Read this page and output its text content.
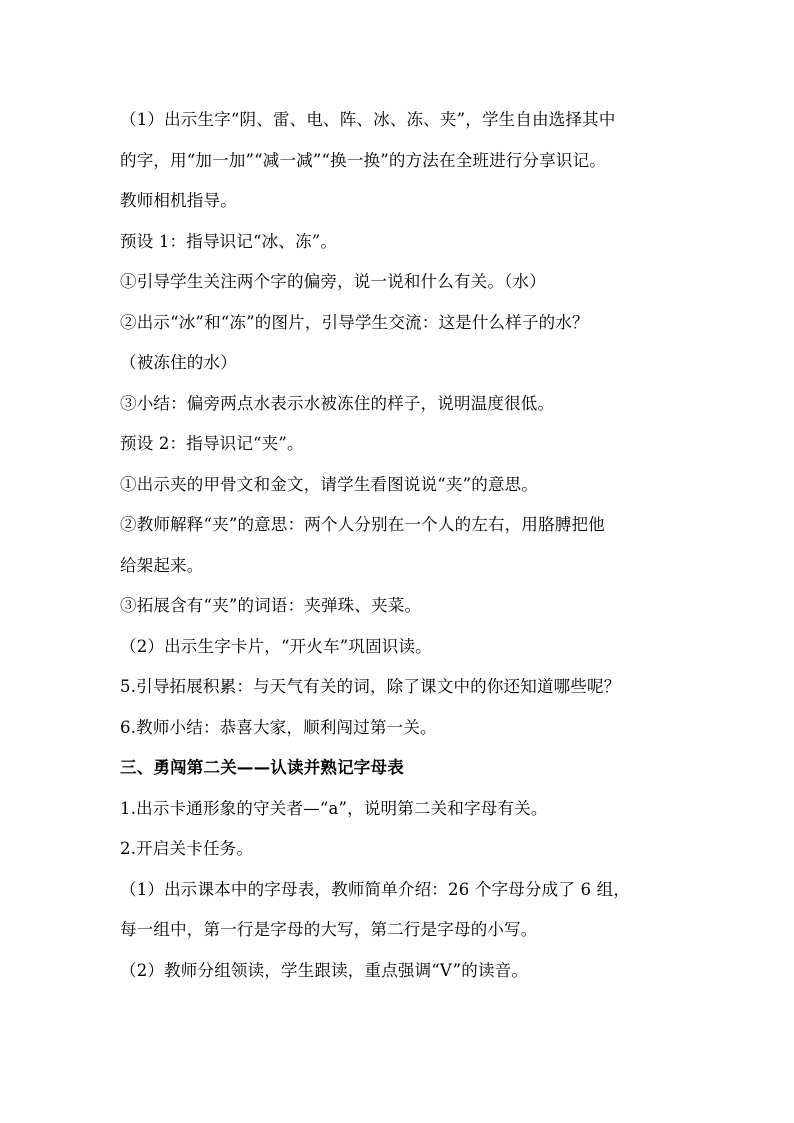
（1）出示生字“阴、雷、电、阵、冰、冻、夹”，学生自由选择其中
的字，用“加一加”“减一减”“换一换”的方法在全班进行分享识记。
教师相机指导。
预设 1：指导识记“冰、冻”。
①引导学生关注两个字的偏旁，说一说和什么有关。（水）
②出示“冰”和“冻”的图片，引导学生交流：这是什么样子的水？
（被冻住的水）
③小结：偏旁两点水表示水被冻住的样子，说明温度很低。
预设 2：指导识记“夹”。
①出示夹的甲骨文和金文，请学生看图说说“夹”的意思。
②教师解释“夹”的意思：两个人分别在一个人的左右，用胳膊把他
给架起来。
③拓展含有“夹”的词语：夹弹珠、夹菜。
（2）出示生字卡片，“开火车”巩固识读。
5.引导拓展积累：与天气有关的词，除了课文中的你还知道哪些呢？
6.教师小结：恭喜大家，顺利闯过第一关。
三、勇闯第二关——认读并熟记字母表
1.出示卡通形象的守关者—“a”，说明第二关和字母有关。
2.开启关卡任务。
（1）出示课本中的字母表，教师简单介绍：26 个字母分成了 6 组，
每一组中，第一行是字母的大写，第二行是字母的小写。
（2）教师分组领读，学生跟读，重点强调“V”的读音。
